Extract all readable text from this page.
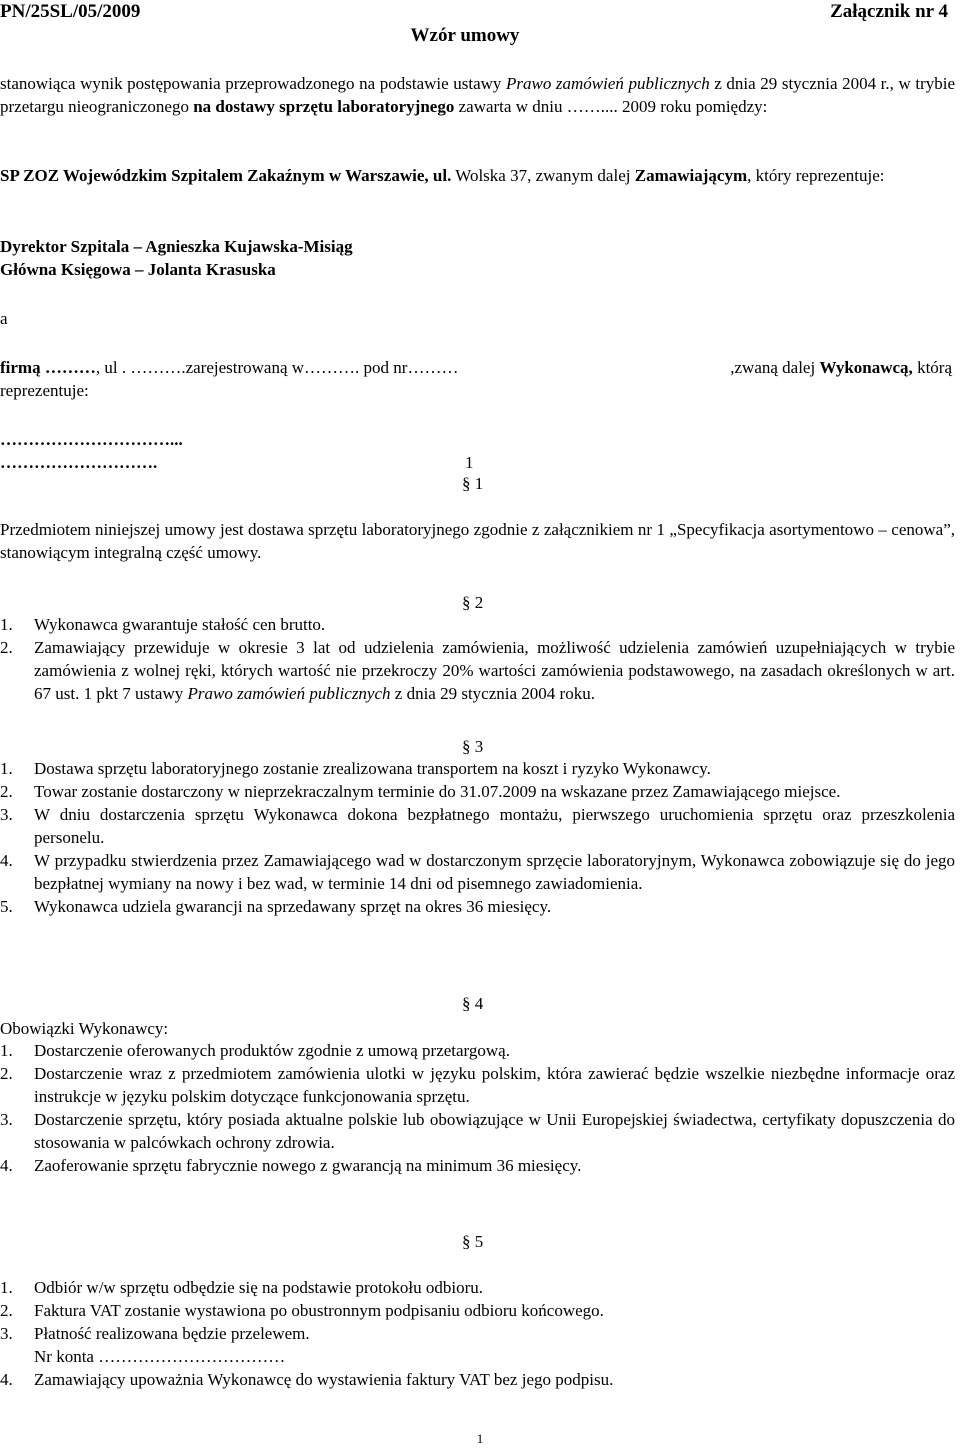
PN/25SL/05/2009	Załącznik nr 4
Wzór umowy
stanowiąca wynik postępowania przeprowadzonego na podstawie ustawy Prawo zamówień publicznych z dnia 29 stycznia 2004 r., w trybie przetargu nieograniczonego na dostawy sprzętu laboratoryjnego zawarta w dniu …….... 2009 roku pomiędzy:
SP ZOZ Wojewódzkim Szpitalem Zakaźnym w Warszawie, ul. Wolska 37, zwanym dalej Zamawiającym, który reprezentuje:
Dyrektor Szpitala – Agnieszka Kujawska-Misiąg
Główna Księgowa – Jolanta Krasuska
a
firmą ………, ul . ……….zarejestrowaną w………. pod nr………	,zwaną dalej Wykonawcą, którą
reprezentuje:
…………………………...
……………………….	1
§ 1
Przedmiotem niniejszej umowy jest dostawa sprzętu laboratoryjnego zgodnie z załącznikiem nr 1 „Specyfikacja asortymentowo – cenowa”, stanowiącym integralną część umowy.
§ 2
1. Wykonawca gwarantuje stałość cen brutto.
2. Zamawiający przewiduje w okresie 3 lat od udzielenia zamówienia, możliwość udzielenia zamówień uzupełniających w trybie zamówienia z wolnej ręki, których wartość nie przekroczy 20% wartości zamówienia podstawowego, na zasadach określonych w art. 67 ust. 1 pkt 7 ustawy Prawo zamówień publicznych z dnia 29 stycznia 2004 roku.
§ 3
1. Dostawa sprzętu laboratoryjnego zostanie zrealizowana transportem na koszt i ryzyko Wykonawcy.
2. Towar zostanie dostarczony w nieprzekraczalnym terminie do 31.07.2009 na wskazane przez Zamawiającego miejsce.
3. W dniu dostarczenia sprzętu Wykonawca dokona bezpłatnego montażu, pierwszego uruchomienia sprzętu oraz przeszkolenia personelu.
4. W przypadku stwierdzenia przez Zamawiającego wad w dostarczonym sprzęcie laboratoryjnym, Wykonawca zobowiązuje się do jego bezpłatnej wymiany na nowy i bez wad, w terminie 14 dni od pisemnego zawiadomienia.
5. Wykonawca udziela gwarancji na sprzedawany sprzęt na okres 36 miesięcy.
§ 4
Obowiązki Wykonawcy:
1. Dostarczenie oferowanych produktów zgodnie z umową przetargową.
2. Dostarczenie wraz z przedmiotem zamówienia ulotki w języku polskim, która zawierać będzie wszelkie niezbędne informacje oraz instrukcje w języku polskim dotyczące funkcjonowania sprzętu.
3. Dostarczenie sprzętu, który posiada aktualne polskie lub obowiązujące w Unii Europejskiej świadectwa, certyfikaty dopuszczenia do stosowania w palcówkach ochrony zdrowia.
4. Zaoferowanie sprzętu fabrycznie nowego z gwarancją na minimum 36 miesięcy.
§ 5
1. Odbiór w/w sprzętu odbędzie się na podstawie protokołu odbioru.
2. Faktura VAT zostanie wystawiona po obustronnym podpisaniu odbioru końcowego.
3. Płatność realizowana będzie przelewem.
Nr konta ……………………………
4. Zamawiający upoważnia Wykonawcę do wystawienia faktury VAT bez jego podpisu.
1
